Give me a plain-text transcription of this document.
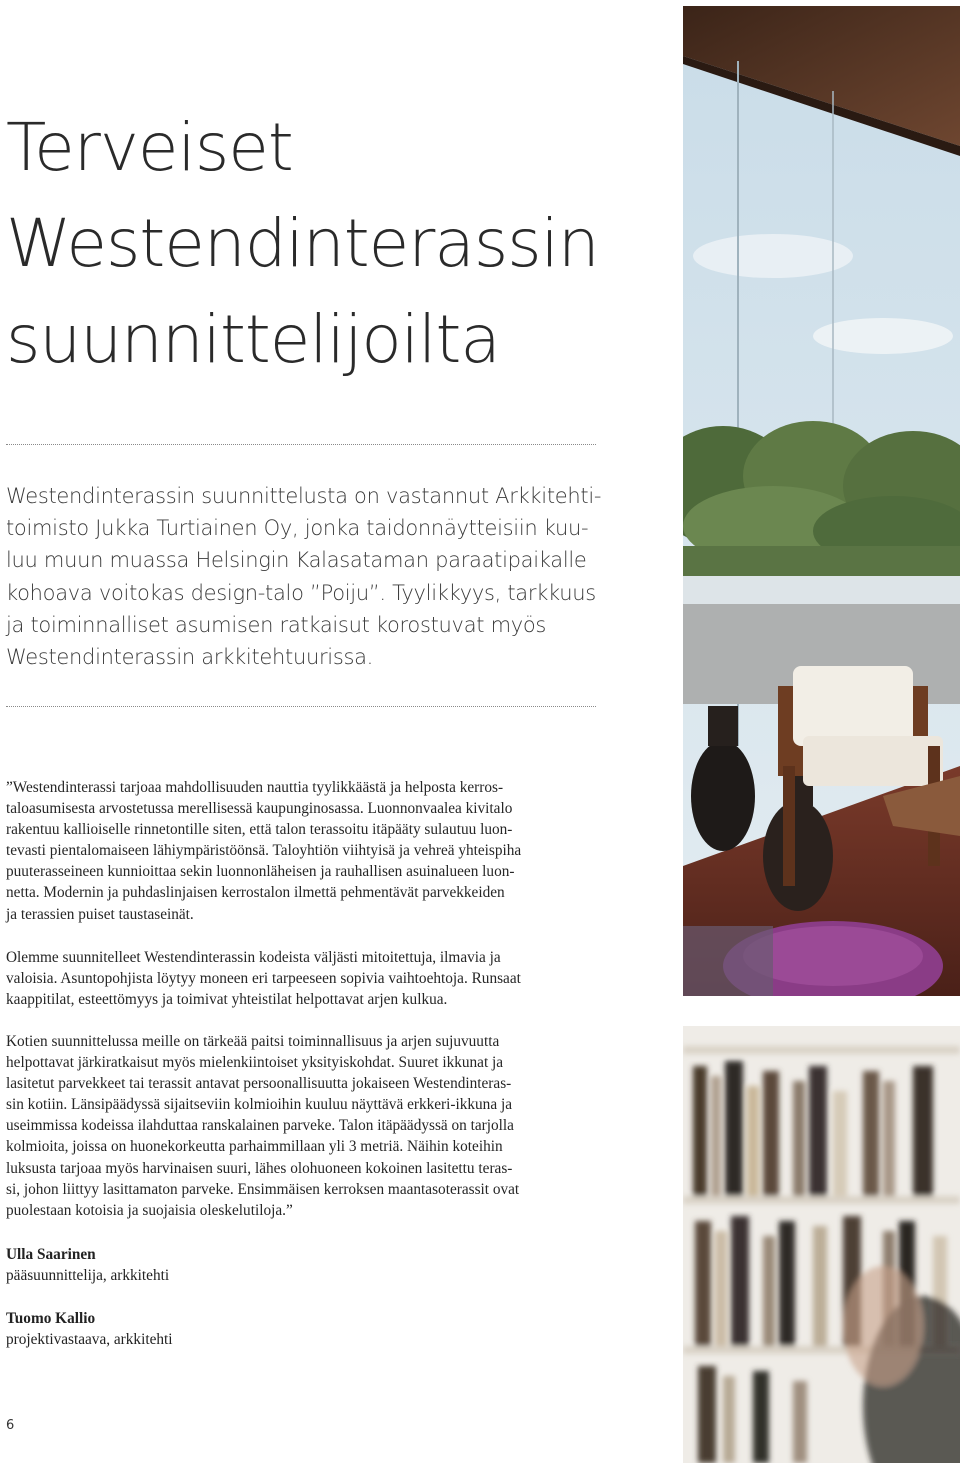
Terveiset
Westendinterassin
suunnittelijoilta
Westendinterassin suunnittelusta on vastannut Arkkitehti-
toimisto Jukka Turtiainen Oy, jonka taidonnäytteisiin kuu-
luu muun muassa Helsingin Kalasataman paraatipaikalle
kohoava voitokas design-talo ”Poiju”. Tyylikkyys, tarkkuus
ja toiminnalliset asumisen ratkaisut korostuvat myös
Westendinterassin arkkitehtuurissa.
”Westendinterassi tarjoaa mahdollisuuden nauttia tyylikkäästä ja helposta kerros-
taloasumisesta arvostetussa merellisessä kaupunginosassa. Luonnonvaalea kivitalo
rakentuu kallioiselle rinnetontille siten, että talon terassoitu itäpääty sulautuu luon-
tevasti pientalomaiseen lähiympäristöönsä. Taloyhtiön viihtyisä ja vehreä yhteispiha
puuterasseineen kunnioittaa sekin luonnonläheisen ja rauhallisen asuinalueen luon-
netta. Modernin ja puhdaslinjaisen kerrostalon ilmettä pehmentävät parvekkeiden
ja terassien puiset taustaseinät.
Olemme suunnitelleet Westendinterassin kodeista väljästi mitoitettuja, ilmavia ja
valoisia. Asuntopohjista löytyy moneen eri tarpeeseen sopivia vaihtoehtoja. Runsaat
kaappitilat, esteettömyys ja toimivat yhteistilat helpottavat arjen kulkua.
Kotien suunnittelussa meille on tärkeää paitsi toiminnallisuus ja arjen sujuvuutta
helpottavat järkiratkaisut myös mielenkiintoiset yksityiskohdat. Suuret ikkunat ja
lasitetut parvekkeet tai terassit antavat persoonallisuutta jokaiseen Westendinteras-
sin kotiin. Länsipäädyssä sijaitseviin kolmioihin kuuluu näyttävä erkkeri-ikkuna ja
useimmissa kodeissa ilahduttaa ranskalainen parveke. Talon itäpäädyssä on tarjolla
kolmioita, joissa on huonekorkeutta parhaimmillaan yli 3 metriä. Näihin koteihin
luksusta tarjoaa myös harvinaisen suuri, lähes olohuoneen kokoinen lasitettu teras-
si, johon liittyy lasittamaton parveke. Ensimmäisen kerroksen maantasoterassit ovat
puolestaan kotoisia ja suojaisia oleskelutiloja.”
Ulla Saarinen
pääsuunnittelija, arkkitehti
Tuomo Kallio
projektivastaava, arkkitehti
6
